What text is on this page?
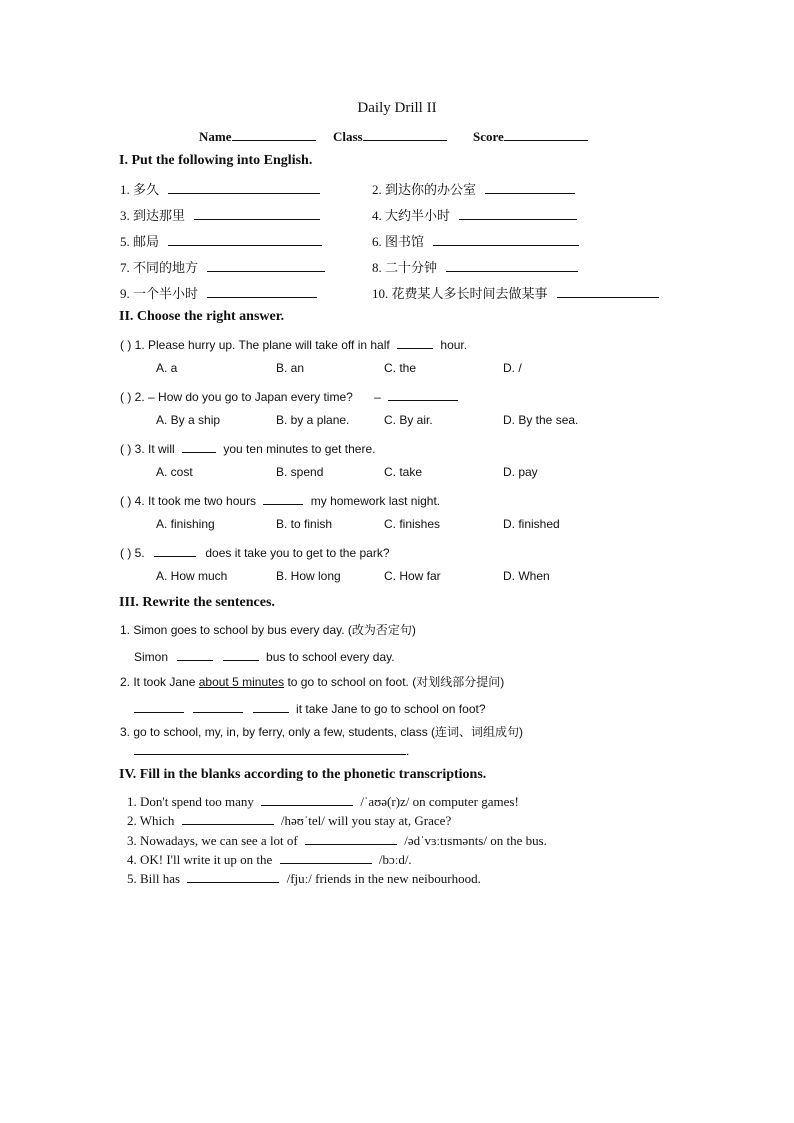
Daily Drill II
Name	Class	Score
I. Put the following into English.
1. 多久	2. 到达你的办公室
3. 到达那里	4. 大约半小时
5. 邮局	6. 图书馆
7. 不同的地方	8. 二十分钟
9. 一个半小时	10. 花费某人多长时间去做某事
II. Choose the right answer.
( ) 1. Please hurry up. The plane will take off in half	hour.
A. a	B. an	C. the	D. /
( ) 2. – How do you go to Japan every time? –
A. By a ship	B. by a plane.	C. By air.	D. By the sea.
( ) 3. It will	you ten minutes to get there.
A. cost	B. spend	C. take	D. pay
( ) 4. It took me two hours	my homework last night.
A. finishing	B. to finish	C. finishes	D. finished
( ) 5.	does it take you to get to the park?
A. How much	B. How long	C. How far	D. When
III. Rewrite the sentences.
1. Simon goes to school by bus every day. (改为否定句)
Simon	bus to school every day.
2. It took Jane about 5 minutes to go to school on foot. (对划线部分提问)
it take Jane to go to school on foot?
3. go to school, my, in, by ferry, only a few, students, class (连词、词组成句)
.
IV. Fill in the blanks according to the phonetic transcriptions.
1. Don't spend too many	/ˈaʊə(r)z/ on computer games!
2. Which	/həʊˈtel/ will you stay at, Grace?
3. Nowadays, we can see a lot of	/ədˈvɜːtɪsmənts/ on the bus.
4. OK! I'll write it up on the	/bɔːd/.
5. Bill has	/fjuː/ friends in the new neibourhood.
